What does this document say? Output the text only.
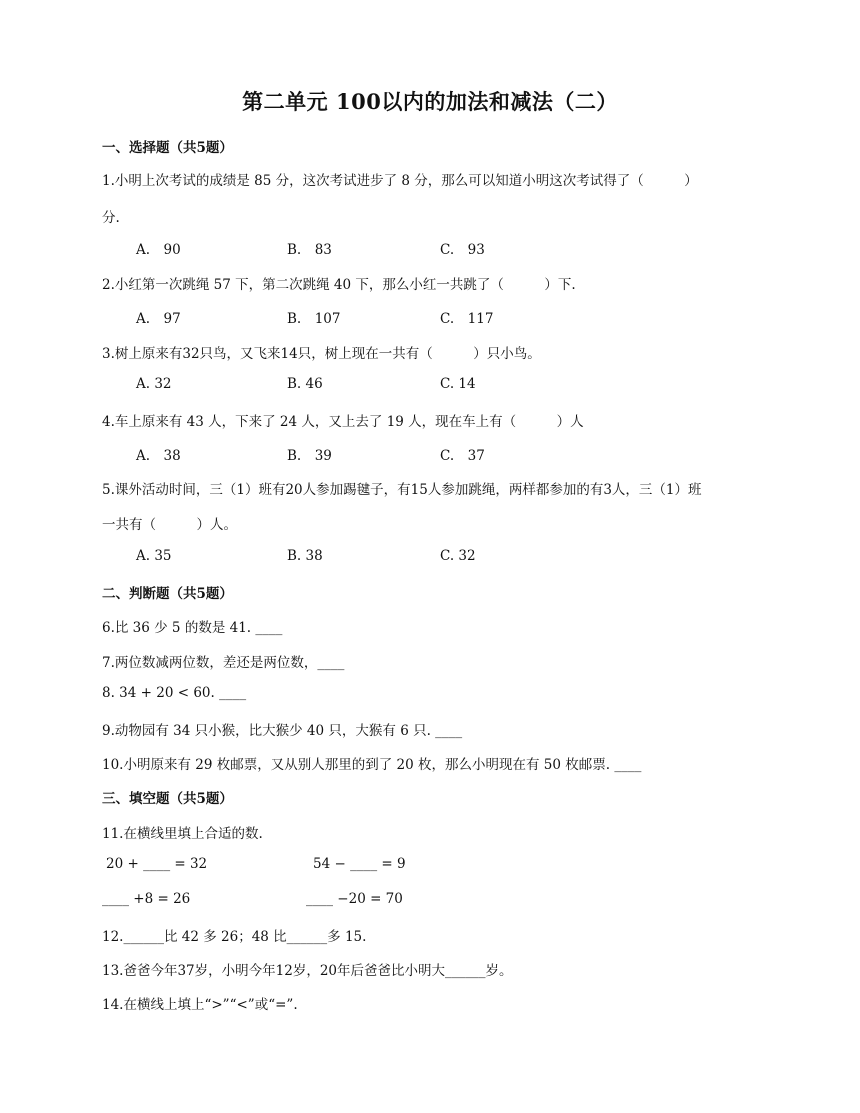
第二单元 100以内的加法和减法（二）
一、选择题（共5题）
1.小明上次考试的成绩是 85 分，这次考试进步了 8 分，那么可以知道小明这次考试得了（　　　）
分.
A.　90	B.　83	C.　93
2.小红第一次跳绳 57 下，第二次跳绳 40 下，那么小红一共跳了（　　　）下.
A.　97	B.　107	C.　117
3.树上原来有32只鸟，又飞来14只，树上现在一共有（　　　）只小鸟。
A. 32	B. 46	C. 14
4.车上原来有 43 人，下来了 24 人，又上去了 19 人，现在车上有（　　　）人
A.　38	B.　39	C.　37
5.课外活动时间，三（1）班有20人参加踢毽子，有15人参加跳绳，两样都参加的有3人，三（1）班
一共有（　　　）人。
A. 35	B. 38	C. 32
二、判断题（共5题）
6.比 36 少 5 的数是 41. ____
7.两位数减两位数，差还是两位数，____
8. 34 + 20 < 60. ____
9.动物园有 34 只小猴，比大猴少 40 只，大猴有 6 只. ____
10.小明原来有 29 枚邮票，又从别人那里的到了 20 枚，那么小明现在有 50 枚邮票. ____
三、填空题（共5题）
11.在横线里填上合适的数.
20 + ____ = 32	54 − ____ = 9
____ +8 = 26	____ −20 = 70
12.______比 42 多 26；48 比______多 15.
13.爸爸今年37岁，小明今年12岁，20年后爸爸比小明大______岁。
14.在横线上填上“>”“<”或“=”.
